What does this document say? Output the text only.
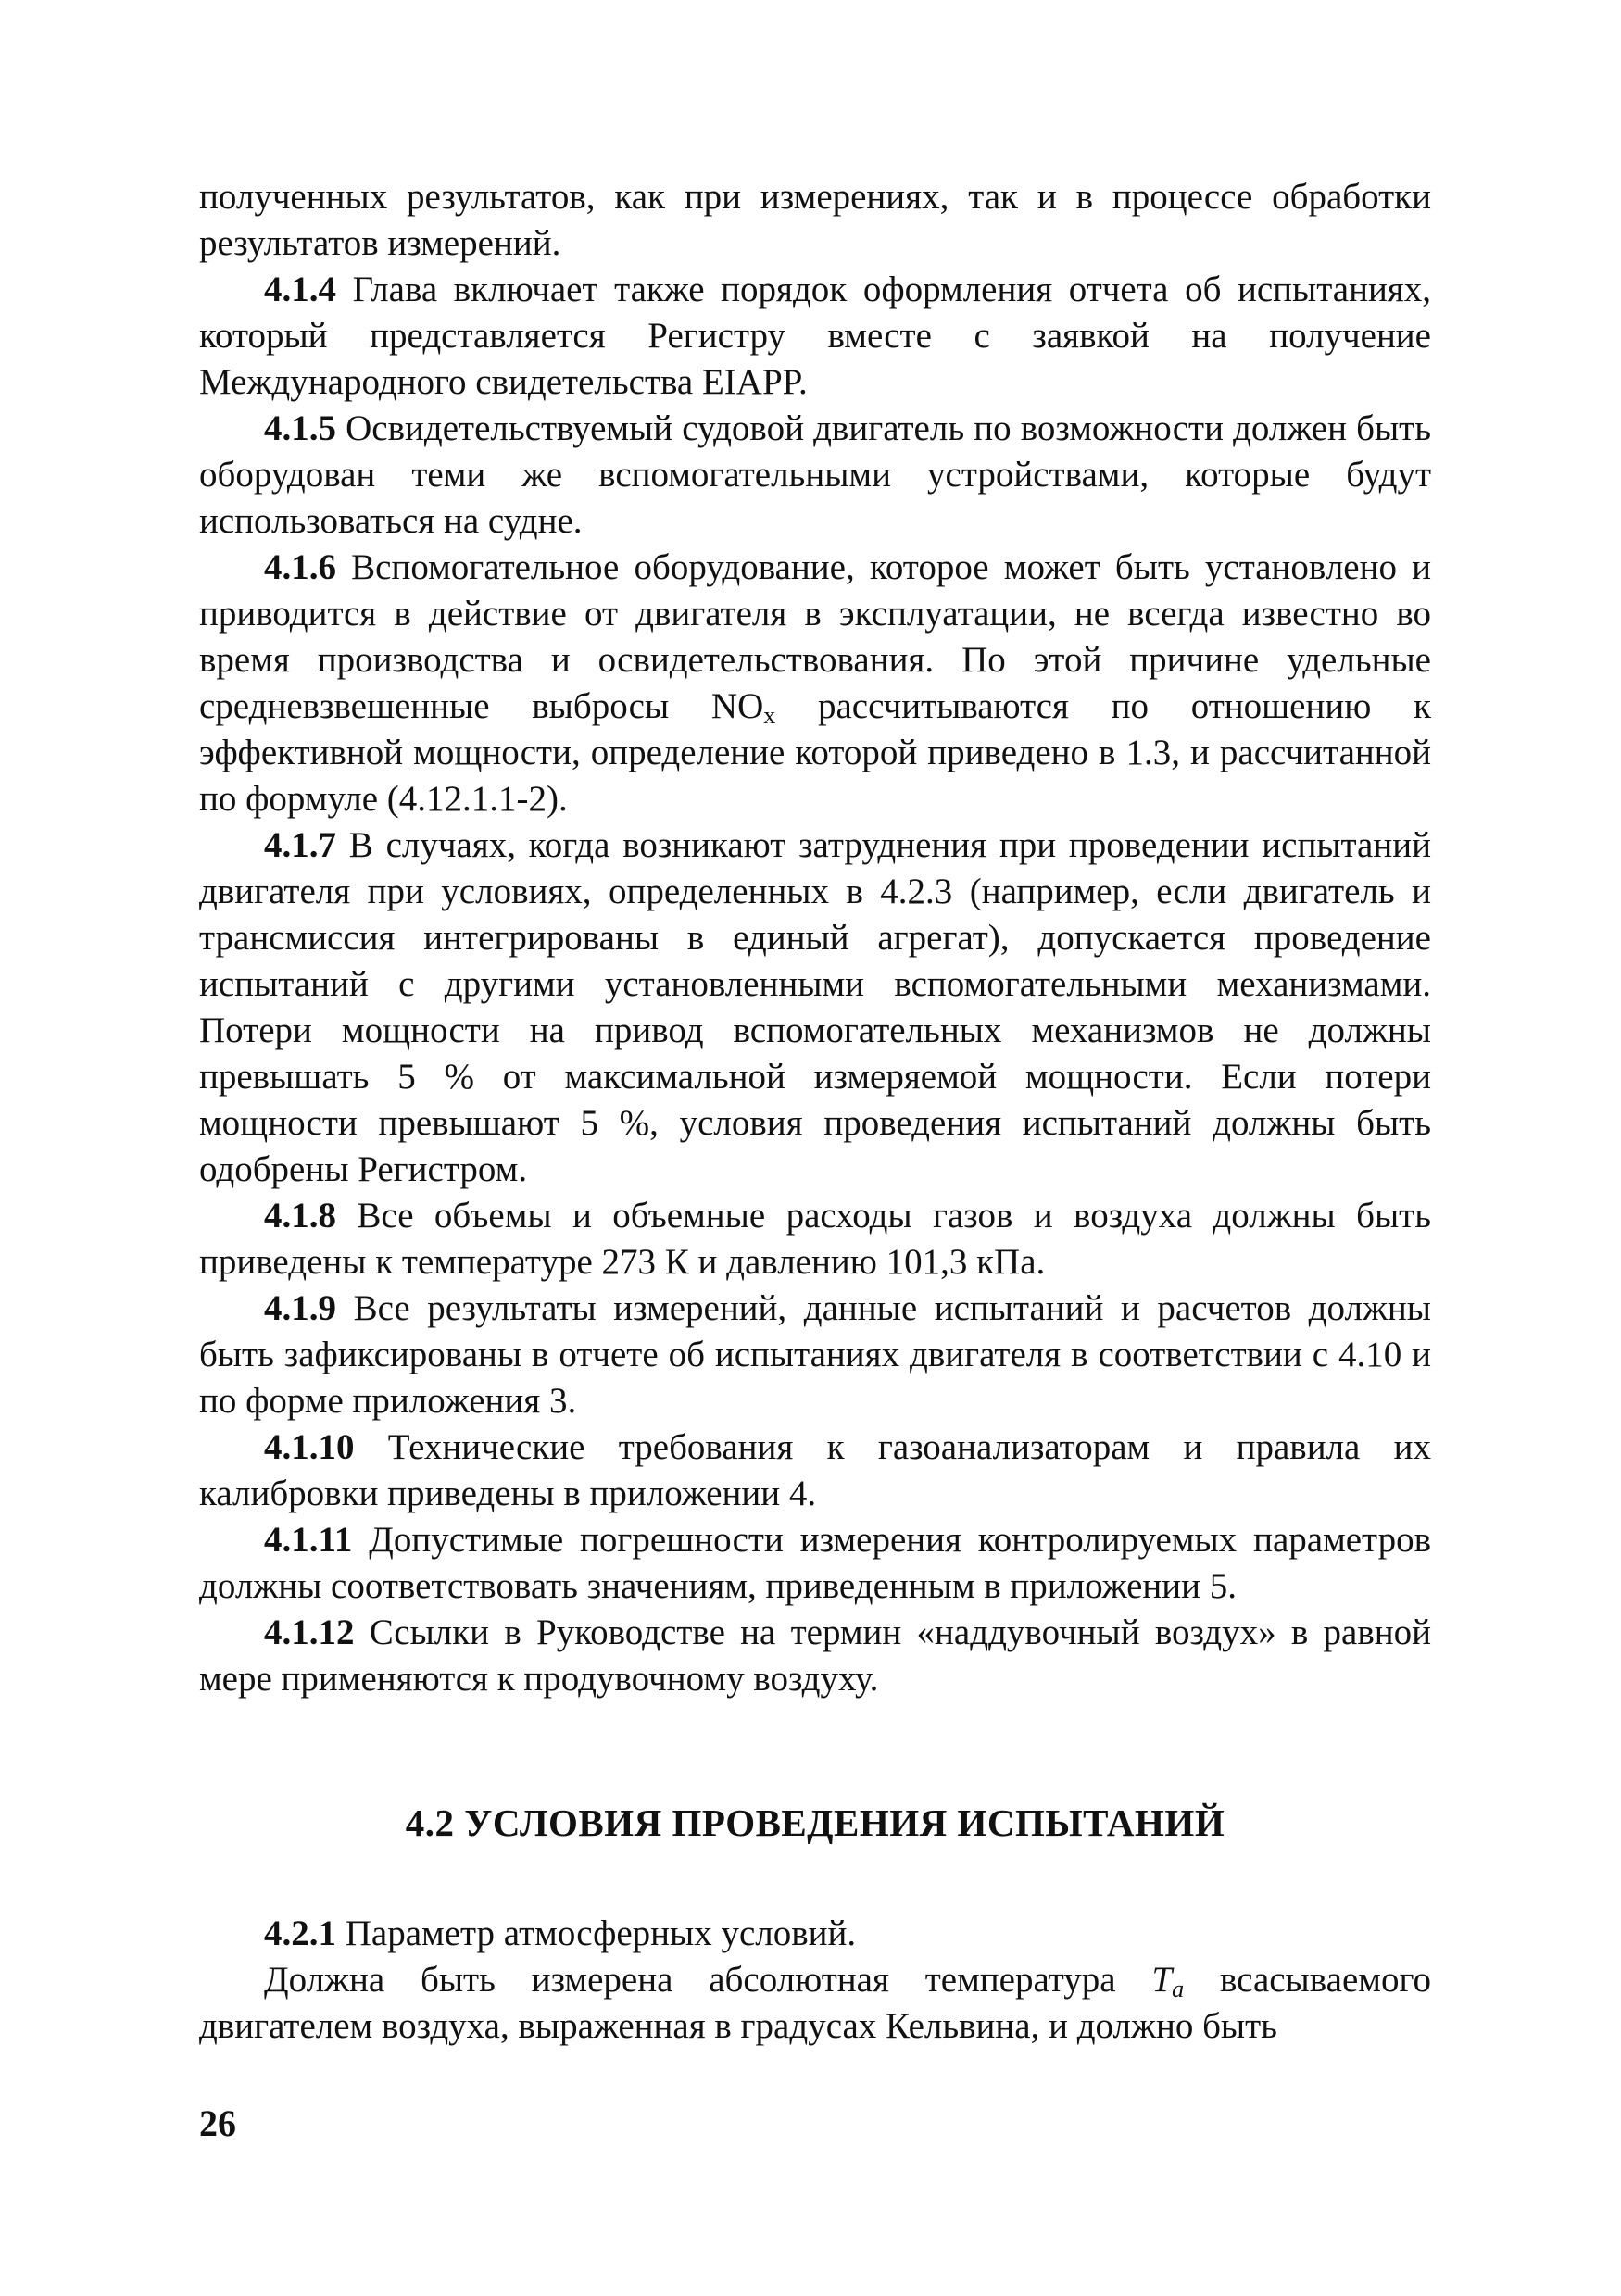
полученных результатов, как при измерениях, так и в процессе обработки результатов измерений.

4.1.4 Глава включает также порядок оформления отчета об испытаниях, который представляется Регистру вместе с заявкой на получение Международного свидетельства EIAPP.

4.1.5 Освидетельствуемый судовой двигатель по возможности должен быть оборудован теми же вспомогательными устройствами, которые будут использоваться на судне.

4.1.6 Вспомогательное оборудование, которое может быть установлено и приводится в действие от двигателя в эксплуатации, не всегда известно во время производства и освидетельствования. По этой причине удельные средневзвешенные выбросы $NO_x$ рассчитываются по отношению к эффективной мощности, определение которой приведено в 1.3, и рассчитанной по формуле (4.12.1.1-2).

4.1.7 В случаях, когда возникают затруднения при проведении испытаний двигателя при условиях, определенных в 4.2.3 (например, если двигатель и трансмиссия интегрированы в единый агрегат), допускается проведение испытаний с другими установленными вспомогательными механизмами. Потери мощности на привод вспомогательных механизмов не должны превышать 5 % от максимальной измеряемой мощности. Если потери мощности превышают 5 %, условия проведения испытаний должны быть одобрены Регистром.

4.1.8 Все объемы и объемные расходы газов и воздуха должны быть приведены к температуре 273 К и давлению 101,3 кПа.

4.1.9 Все результаты измерений, данные испытаний и расчетов должны быть зафиксированы в отчете об испытаниях двигателя в соответствии с 4.10 и по форме приложения 3.

4.1.10 Технические требования к газоанализаторам и правила их калибровки приведены в приложении 4.

4.1.11 Допустимые погрешности измерения контролируемых параметров должны соответствовать значениям, приведенным в приложении 5.

4.1.12 Ссылки в Руководстве на термин «наддувочный воздух» в равной мере применяются к продувочному воздуху.

4.2 УСЛОВИЯ ПРОВЕДЕНИЯ ИСПЫТАНИЙ

4.2.1 Параметр атмосферных условий.

Должна быть измерена абсолютная температура $T_a$ всасываемого двигателем воздуха, выраженная в градусах Кельвина, и должно быть

26
